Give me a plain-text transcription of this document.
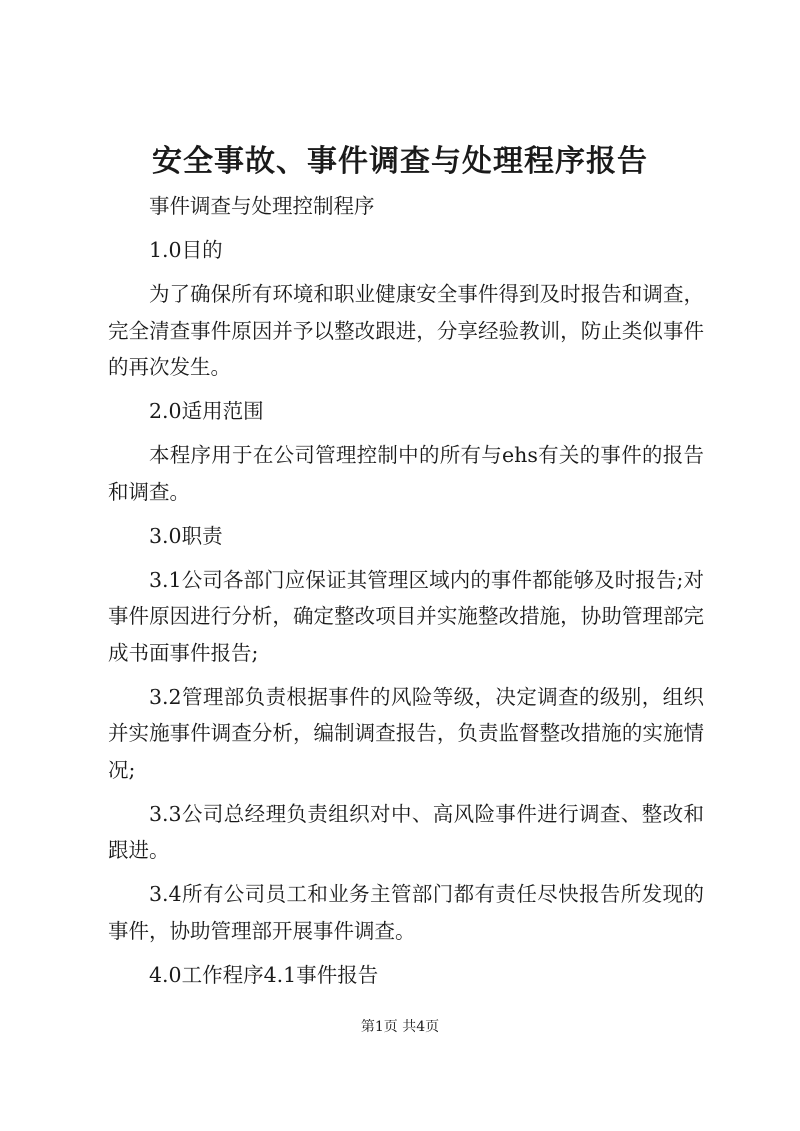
安全事故、事件调查与处理程序报告

事件调查与处理控制程序

1.0目的

为了确保所有环境和职业健康安全事件得到及时报告和调查，完全清查事件原因并予以整改跟进，分享经验教训，防止类似事件的再次发生。

2.0适用范围

本程序用于在公司管理控制中的所有与ehs有关的事件的报告和调查。

3.0职责

3.1公司各部门应保证其管理区域内的事件都能够及时报告;对事件原因进行分析，确定整改项目并实施整改措施，协助管理部完成书面事件报告;

3.2管理部负责根据事件的风险等级，决定调查的级别，组织并实施事件调查分析，编制调查报告，负责监督整改措施的实施情况;

3.3公司总经理负责组织对中、高风险事件进行调查、整改和跟进。

3.4所有公司员工和业务主管部门都有责任尽快报告所发现的事件，协助管理部开展事件调查。

4.0工作程序4.1事件报告

第1页 共4页
